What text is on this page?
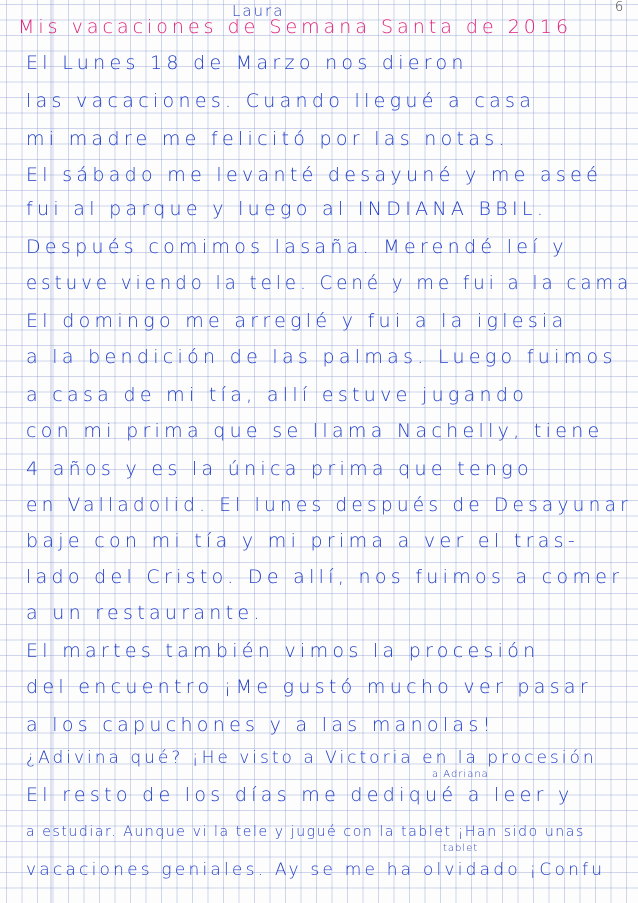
Laura	6
Mis vacaciones de Semana Santa de 2016
El Lunes 18 de Marzo nos dieron
las vacaciones. Cuando llegué a casa
mi madre me felicitó por las notas.
El sábado me levanté desayuné y me aseé
fui al parque y luego al INDIANA BBIL.
Después comimos lasaña. Merendé leí y
estuve viendo la tele. Cené y me fui a la cama
El domingo me arreglé y fui a la iglesia
a la bendición de las palmas. Luego fuimos
a casa de mi tía, allí estuve jugando
con mi prima que se llama Nachelly, tiene
4 años y es la única prima que tengo
en Valladolid. El lunes después de Desayunar
baje con mi tía y mi prima a ver el tras-
lado del Cristo. De allí, nos fuimos a comer
a un restaurante.
El martes también vimos la procesión
del encuentro ¡Me gustó mucho ver pasar
a los capuchones y a las manolas!
¿Adivina qué? ¡He visto a Victoria en la procesión
a Adriana
El resto de los días me dediqué a leer y
a estudiar. Aunque vi la tele y jugué con la tablet ¡Han sido unas
tablet
vacaciones geniales. Ay se me ha olvidado ¡Confu
